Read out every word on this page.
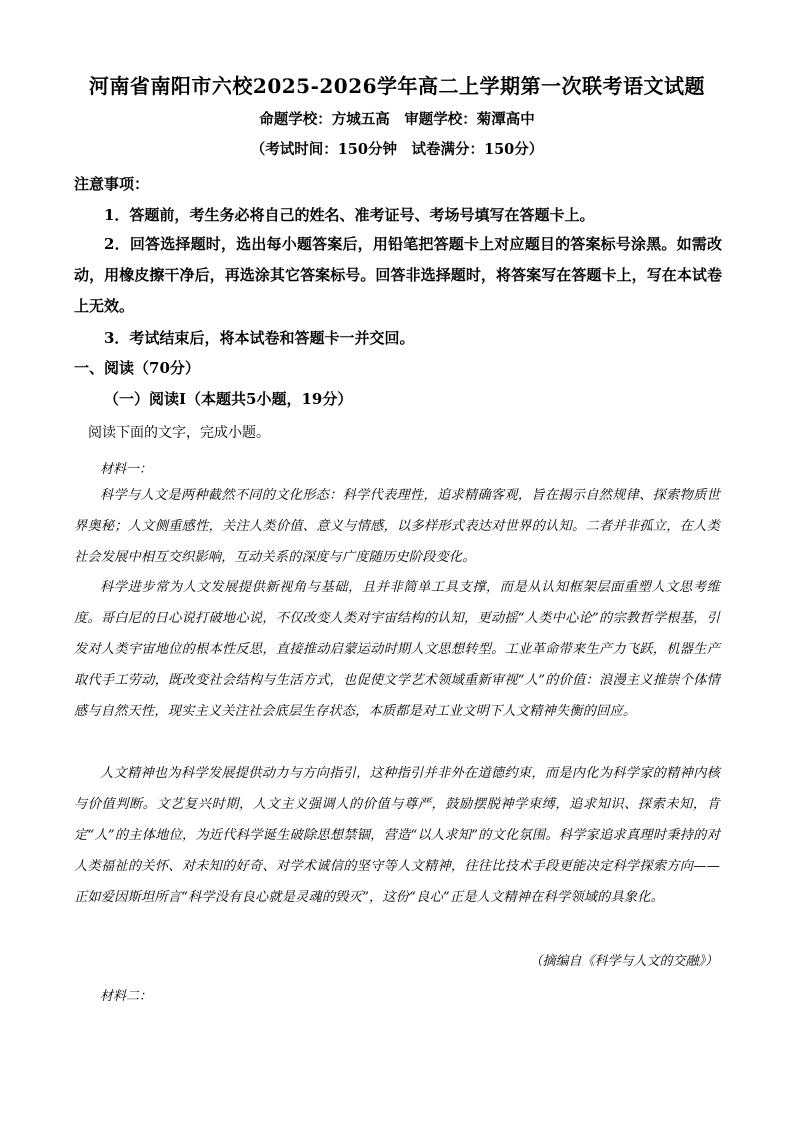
河南省南阳市六校2025-2026学年高二上学期第一次联考语文试题
命题学校：方城五高　审题学校：菊潭高中
（考试时间：150分钟　试卷满分：150分）
注意事项：
1．答题前，考生务必将自己的姓名、准考证号、考场号填写在答题卡上。
2．回答选择题时，选出每小题答案后，用铅笔把答题卡上对应题目的答案标号涂黑。如需改动，用橡皮擦干净后，再选涂其它答案标号。回答非选择题时，将答案写在答题卡上，写在本试卷上无效。
3．考试结束后，将本试卷和答题卡一并交回。
一、阅读（70分）
（一）阅读Ⅰ（本题共5小题，19分）
阅读下面的文字，完成小题。
材料一：
科学与人文是两种截然不同的文化形态：科学代表理性，追求精确客观，旨在揭示自然规律、探索物质世界奥秘；人文侧重感性，关注人类价值、意义与情感，以多样形式表达对世界的认知。二者并非孤立，在人类社会发展中相互交织影响，互动关系的深度与广度随历史阶段变化。
科学进步常为人文发展提供新视角与基础，且并非简单工具支撑，而是从认知框架层面重塑人文思考维度。哥白尼的日心说打破地心说，不仅改变人类对宇宙结构的认知，更动摇“人类中心论”的宗教哲学根基，引发对人类宇宙地位的根本性反思，直接推动启蒙运动时期人文思想转型。工业革命带来生产力飞跃，机器生产取代手工劳动，既改变社会结构与生活方式，也促使文学艺术领域重新审视“人”的价值：浪漫主义推崇个体情感与自然天性，现实主义关注社会底层生存状态，本质都是对工业文明下人文精神失衡的回应。
人文精神也为科学发展提供动力与方向指引，这种指引并非外在道德约束，而是内化为科学家的精神内核与价值判断。文艺复兴时期，人文主义强调人的价值与尊严，鼓励摆脱神学束缚，追求知识、探索未知，肯定“人”的主体地位，为近代科学诞生破除思想禁锢，营造“以人求知”的文化氛围。科学家追求真理时秉持的对人类福祉的关怀、对未知的好奇、对学术诚信的坚守等人文精神，往往比技术手段更能决定科学探索方向——正如爱因斯坦所言“科学没有良心就是灵魂的毁灭”，这份“良心”正是人文精神在科学领域的具象化。
（摘编自《科学与人文的交融》）
材料二：
